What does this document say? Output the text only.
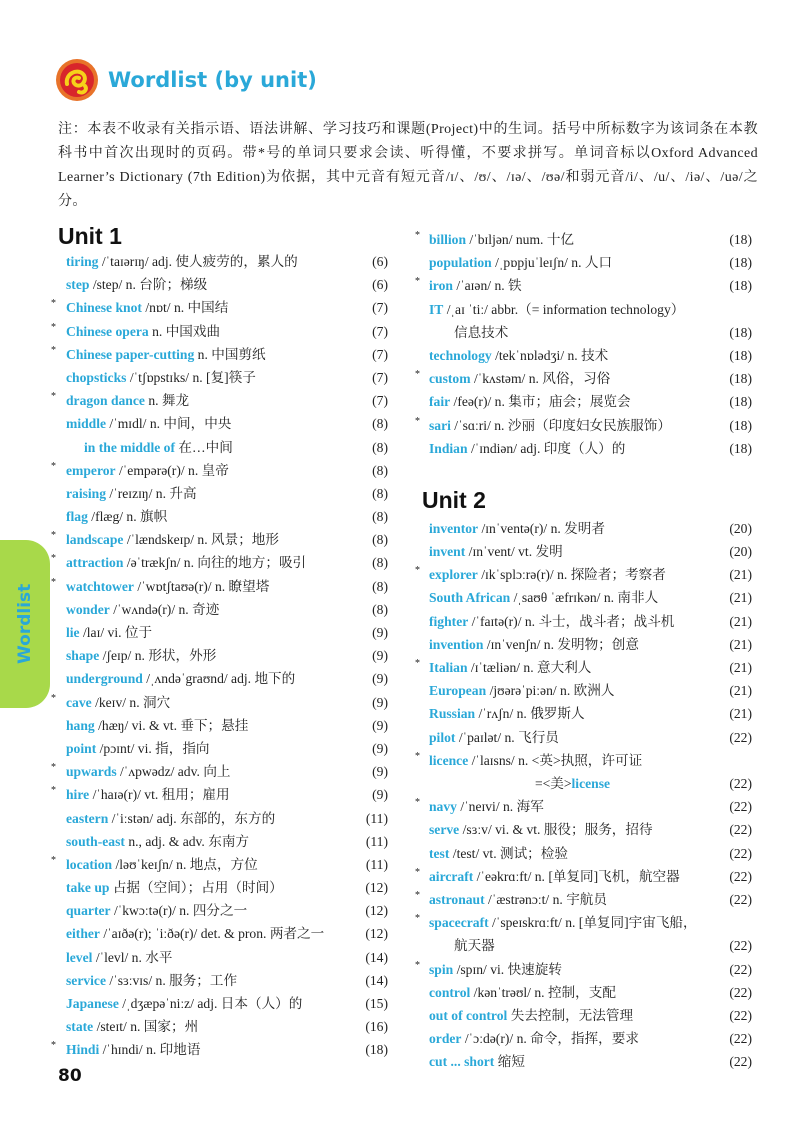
Wordlist (by unit)
注：本表不收录有关指示语、语法讲解、学习技巧和课题(Project)中的生词。括号中所标数字为该词条在本教科书中首次出现时的页码。带*号的单词只要求会读、听得懂，不要求拼写。单词音标以Oxford Advanced Learner’s Dictionary (7th Edition)为依据，其中元音有短元音/ɪ/、/ʊ/、/ɪə/、/ʊə/和弱元音/i/、/u/、/iə/、/uə/之分。
Unit 1
tiring /ˈtaɪərɪŋ/ adj. 使人疲劳的，累人的	(6)
step /step/ n. 台阶；梯级	(6)
* Chinese knot /nɒt/ n. 中国结	(7)
* Chinese opera n. 中国戏曲	(7)
* Chinese paper-cutting n. 中国剪纸	(7)
chopsticks /ˈtʃɒpstɪks/ n. [复]筷子	(7)
* dragon dance n. 舞龙	(7)
middle /ˈmɪdl/ n. 中间，中央	(8)
in the middle of 在…中间	(8)
* emperor /ˈempərə(r)/ n. 皇帝	(8)
raising /ˈreɪzɪŋ/ n. 升高	(8)
flag /flæg/ n. 旗帜	(8)
* landscape /ˈlændskeɪp/ n. 风景；地形	(8)
* attraction /əˈtrækʃn/ n. 向往的地方；吸引	(8)
* watchtower /ˈwɒtʃtaʊə(r)/ n. 瞭望塔	(8)
wonder /ˈwʌndə(r)/ n. 奇迹	(8)
lie /laɪ/ vi. 位于	(9)
shape /ʃeɪp/ n. 形状，外形	(9)
underground /ˌʌndəˈgraʊnd/ adj. 地下的	(9)
* cave /keɪv/ n. 洞穴	(9)
hang /hæŋ/ vi. & vt. 垂下；悬挂	(9)
point /pɔɪnt/ vi. 指，指向	(9)
* upwards /ˈʌpwədz/ adv. 向上	(9)
* hire /ˈhaɪə(r)/ vt. 租用；雇用	(9)
eastern /ˈiːstən/ adj. 东部的，东方的	(11)
south-east n., adj. & adv. 东南方	(11)
* location /ləʊˈkeɪʃn/ n. 地点，方位	(11)
take up 占据（空间）；占用（时间）	(12)
quarter /ˈkwɔːtə(r)/ n. 四分之一	(12)
either /ˈaɪðə(r); ˈiːðə(r)/ det. & pron. 两者之一	(12)
level /ˈlevl/ n. 水平	(14)
service /ˈsɜːvɪs/ n. 服务；工作	(14)
Japanese /ˌdʒæpəˈniːz/ adj. 日本（人）的	(15)
state /steɪt/ n. 国家；州	(16)
* Hindi /ˈhɪndi/ n. 印地语	(18)
* billion /ˈbɪljən/ num. 十亿	(18)
population /ˌpɒpjuˈleɪʃn/ n. 人口	(18)
* iron /ˈaɪən/ n. 铁	(18)
IT /ˌaɪ ˈtiː/ abbr.（= information technology）
信息技术	(18)
technology /tekˈnɒlədʒi/ n. 技术	(18)
* custom /ˈkʌstəm/ n. 风俗，习俗	(18)
fair /feə(r)/ n. 集市；庙会；展览会	(18)
* sari /ˈsɑːri/ n. 沙丽（印度妇女民族服饰）	(18)
Indian /ˈɪndiən/ adj. 印度（人）的	(18)
Unit 2
inventor /ɪnˈventə(r)/ n. 发明者	(20)
invent /ɪnˈvent/ vt. 发明	(20)
* explorer /ɪkˈsplɔːrə(r)/ n. 探险者；考察者	(21)
South African /ˌsaʊθ ˈæfrɪkən/ n. 南非人	(21)
fighter /ˈfaɪtə(r)/ n. 斗士，战斗者；战斗机	(21)
invention /ɪnˈvenʃn/ n. 发明物；创意	(21)
* Italian /ɪˈtæliən/ n. 意大利人	(21)
European /jʊərəˈpiːən/ n. 欧洲人	(21)
Russian /ˈrʌʃn/ n. 俄罗斯人	(21)
pilot /ˈpaɪlət/ n. 飞行员	(22)
* licence /ˈlaɪsns/ n. <英>执照，许可证
=<美>license	(22)
* navy /ˈneɪvi/ n. 海军	(22)
serve /sɜːv/ vi. & vt. 服役；服务，招待	(22)
test /test/ vt. 测试；检验	(22)
* aircraft /ˈeəkrɑːft/ n. [单复同]飞机，航空器	(22)
* astronaut /ˈæstrənɔːt/ n. 宇航员	(22)
* spacecraft /ˈspeɪskrɑːft/ n. [单复同]宇宙飞船，
航天器	(22)
* spin /spɪn/ vi. 快速旋转	(22)
control /kənˈtrəʊl/ n. 控制，支配	(22)
out of control 失去控制，无法管理	(22)
order /ˈɔːdə(r)/ n. 命令，指挥，要求	(22)
cut ... short 缩短	(22)
Wordlist
80
